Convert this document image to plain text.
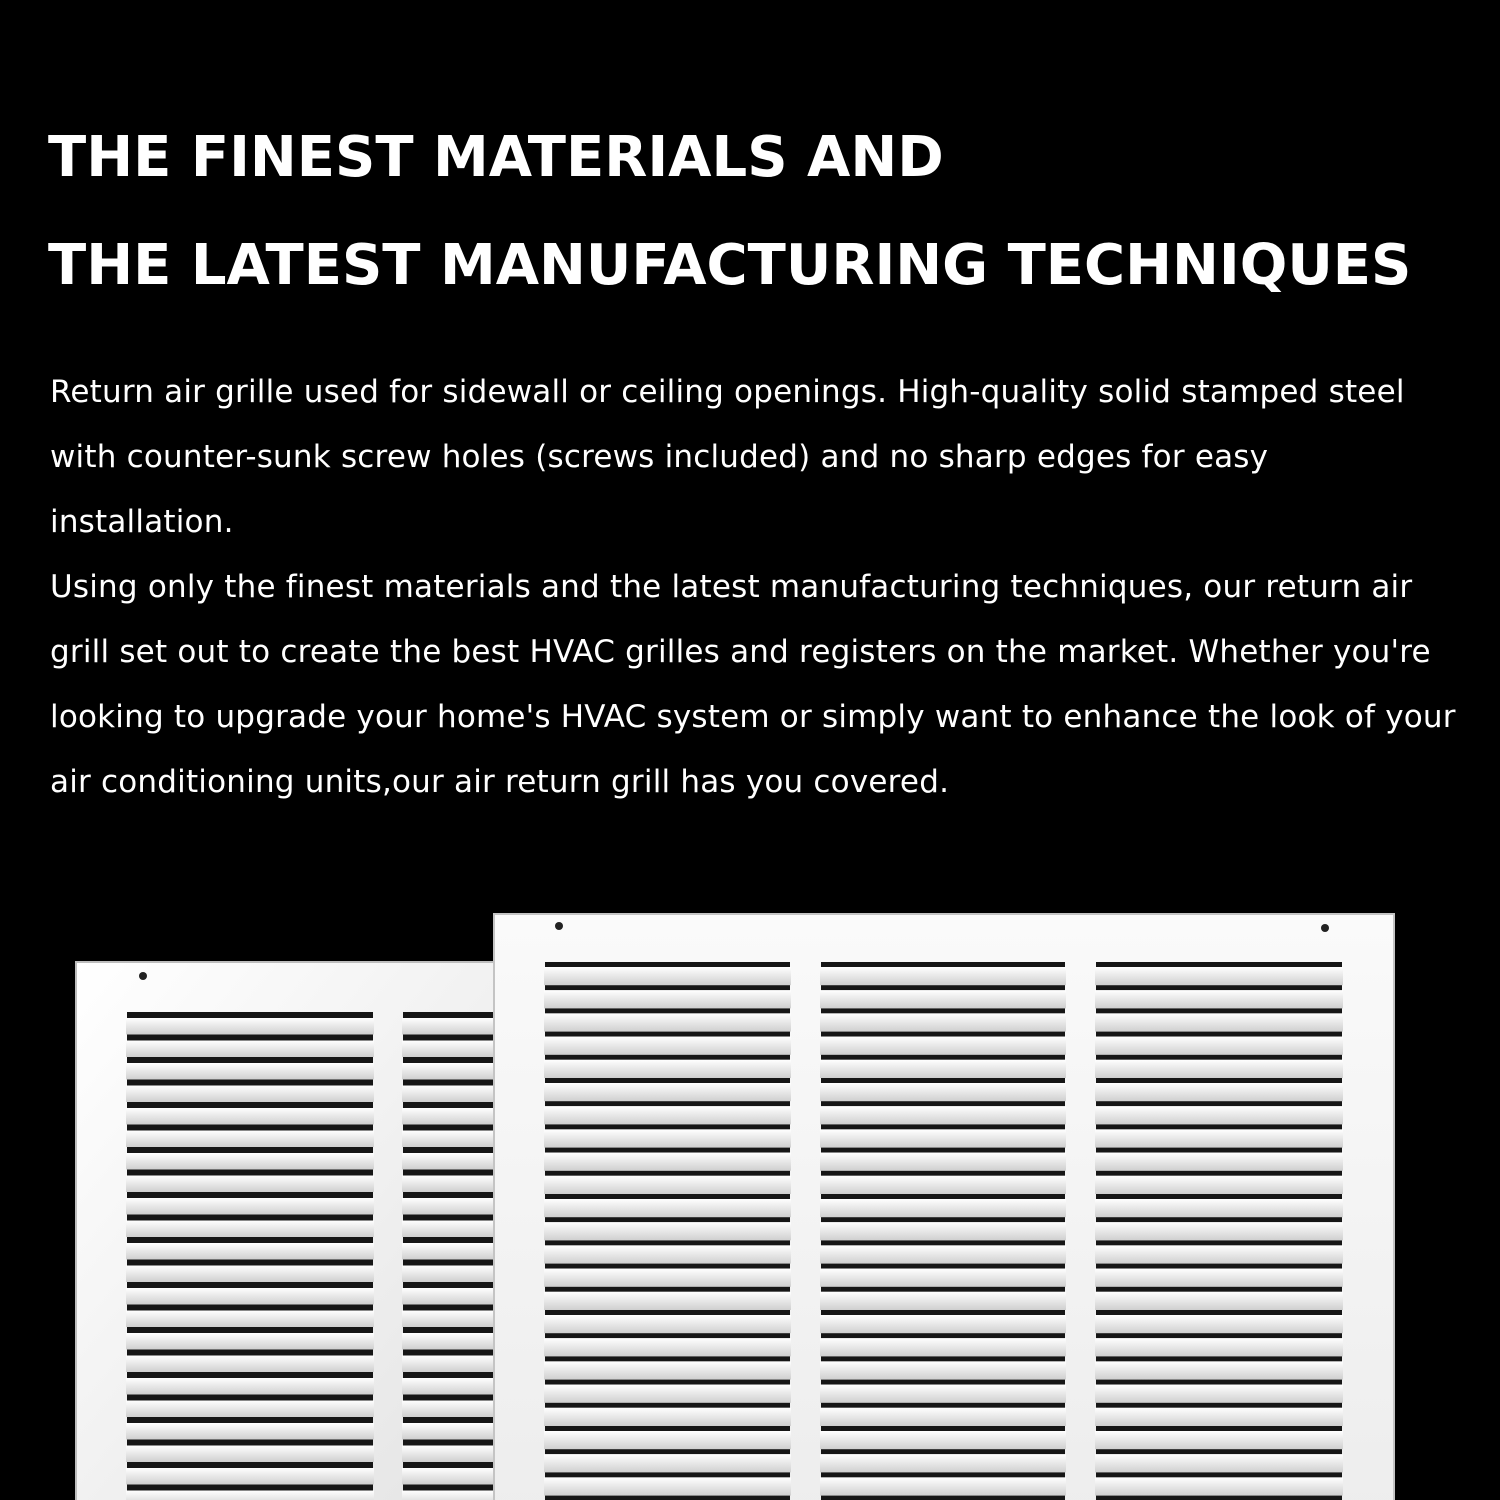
THE FINEST MATERIALS AND
THE LATEST MANUFACTURING TECHNIQUES

Return air grille used for sidewall or ceiling openings. High-quality solid stamped steel with counter-sunk screw holes (screws included) and no sharp edges for easy installation.

Using only the finest materials and the latest manufacturing techniques, our return air grill set out to create the best HVAC grilles and registers on the market. Whether you're looking to upgrade your home's HVAC system or simply want to enhance the look of your air conditioning units,our air return grill has you covered.
